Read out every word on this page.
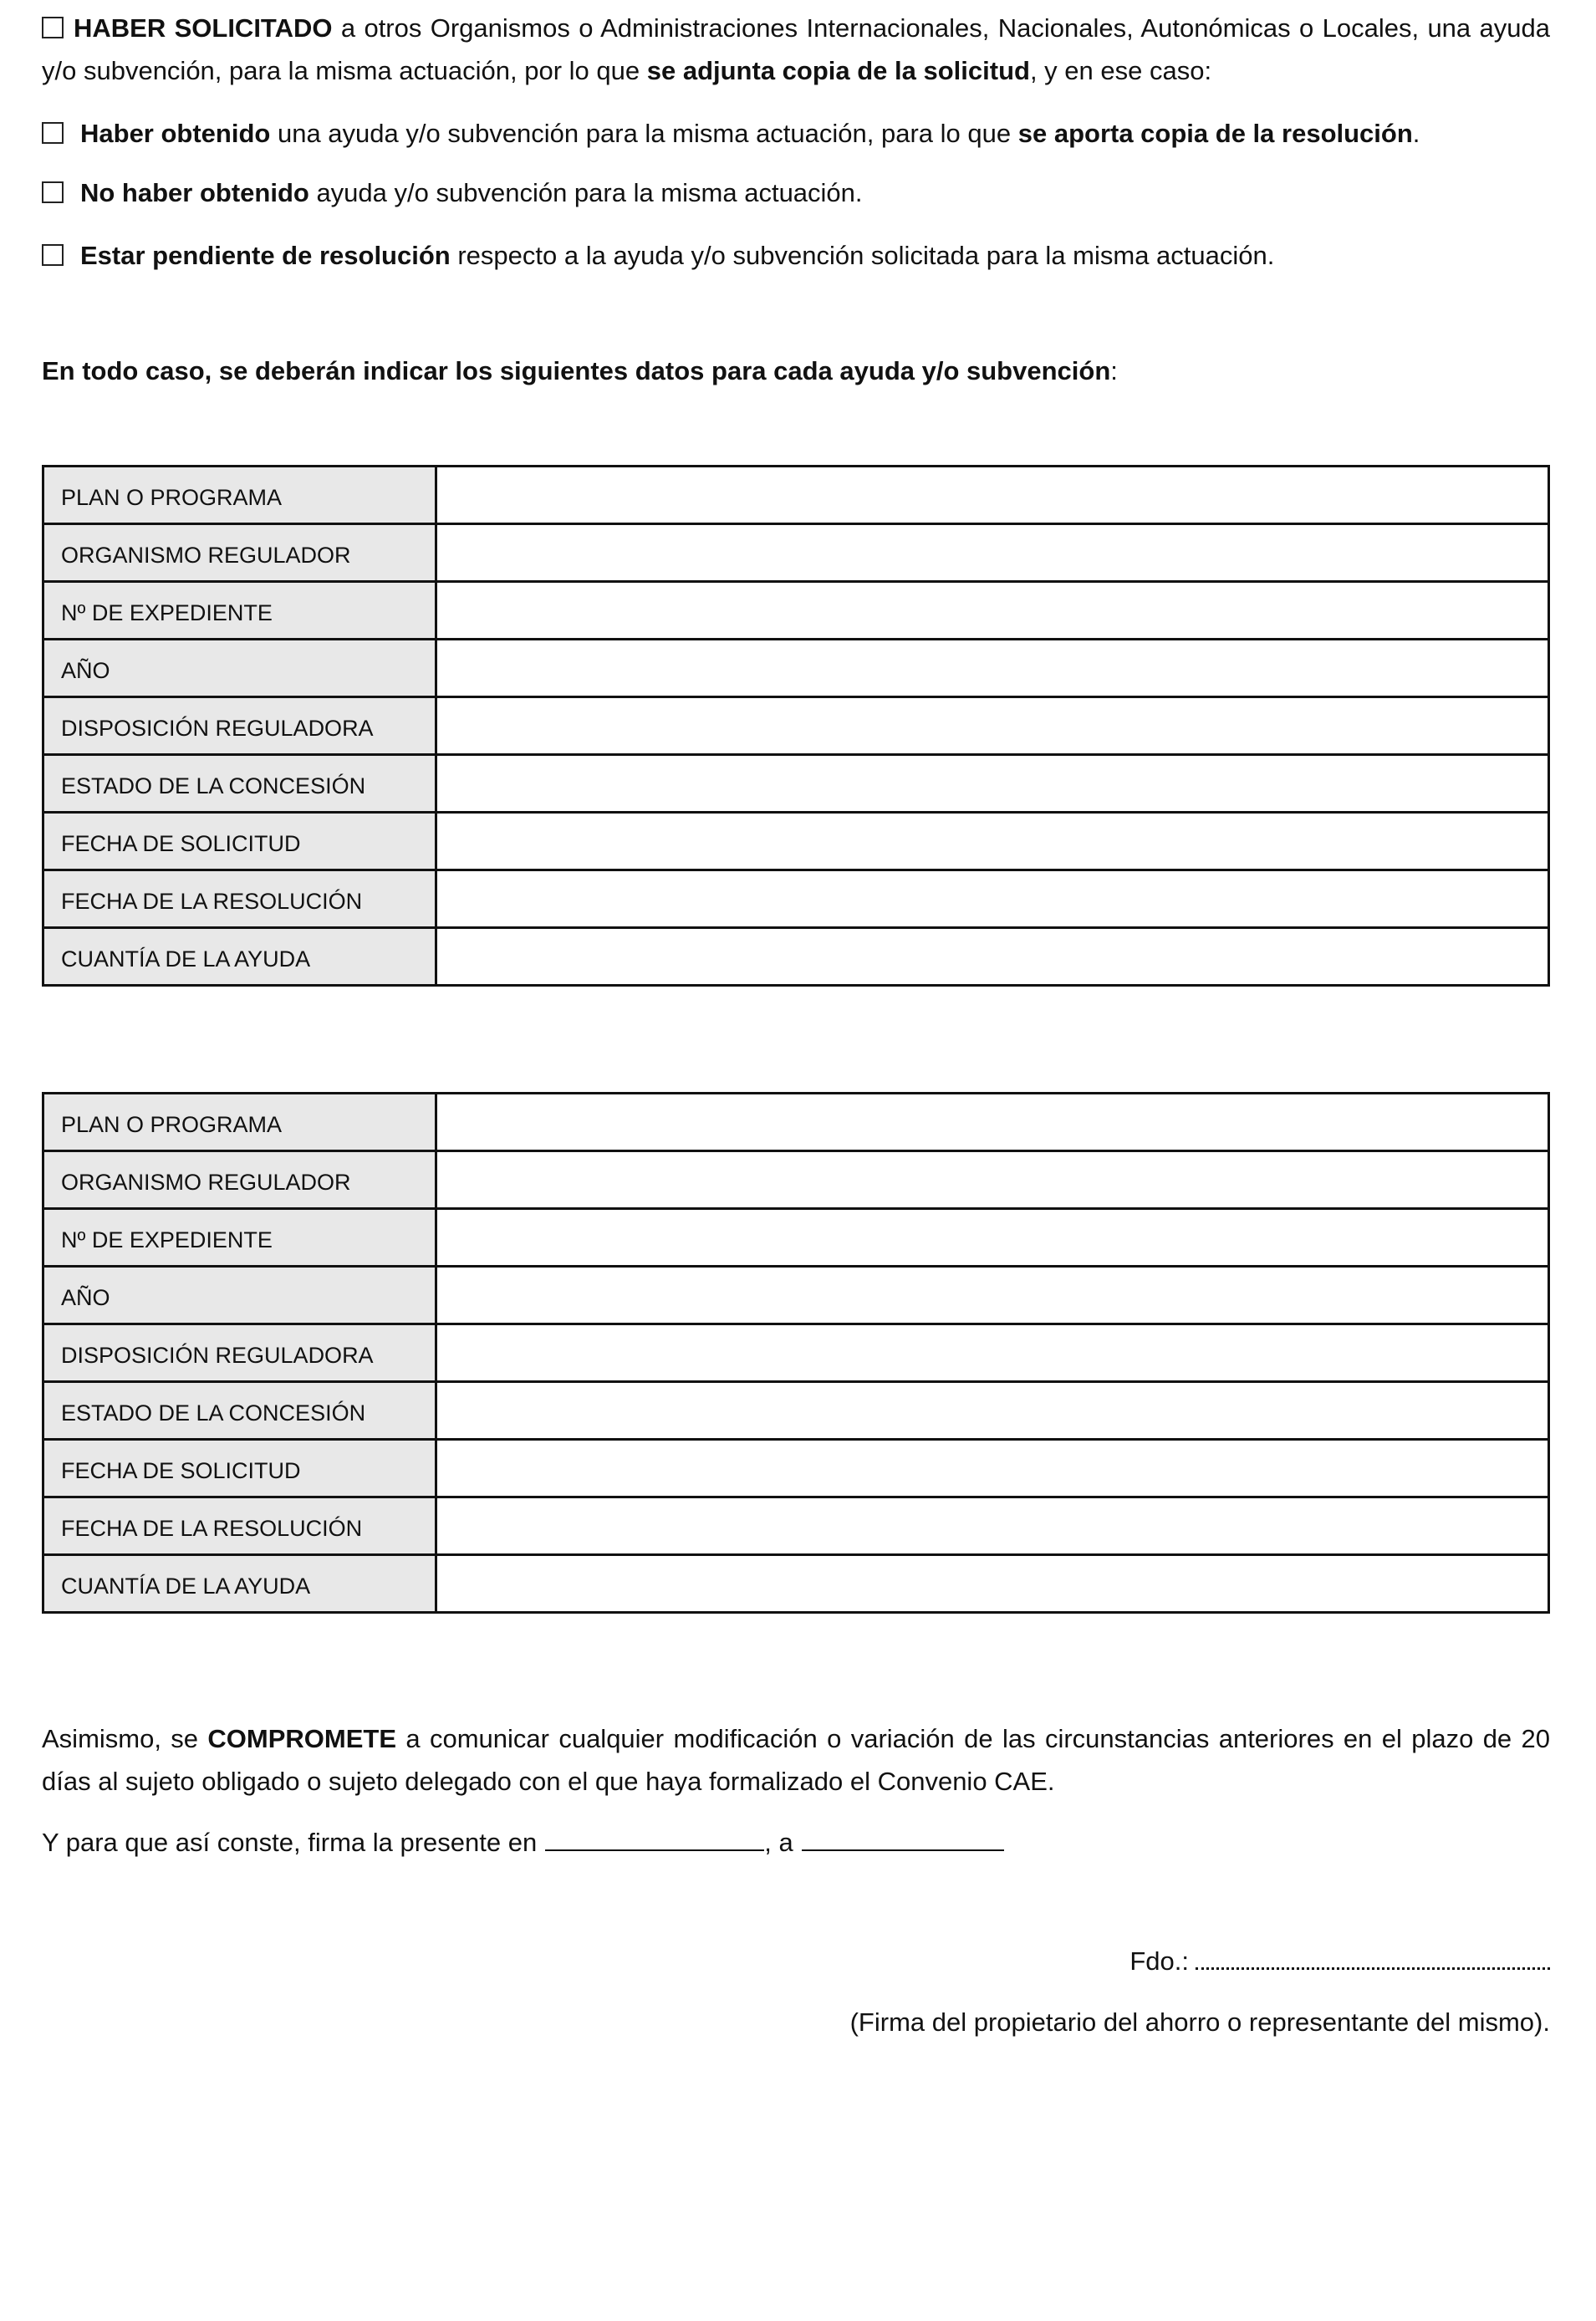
HABER SOLICITADO a otros Organismos o Administraciones Internacionales, Nacionales, Autonómicas o Locales, una ayuda y/o subvención, para la misma actuación, por lo que se adjunta copia de la solicitud, y en ese caso:

Haber obtenido una ayuda y/o subvención para la misma actuación, para lo que se aporta copia de la resolución.
No haber obtenido ayuda y/o subvención para la misma actuación.
Estar pendiente de resolución respecto a la ayuda y/o subvención solicitada para la misma actuación.
En todo caso, se deberán indicar los siguientes datos para cada ayuda y/o subvención:
PLAN O PROGRAMA	
ORGANISMO REGULADOR	
Nº DE EXPEDIENTE	
AÑO	
DISPOSICIÓN REGULADORA	
ESTADO DE LA CONCESIÓN	
FECHA DE SOLICITUD	
FECHA DE LA RESOLUCIÓN	
CUANTÍA DE LA AYUDA	
PLAN O PROGRAMA	
ORGANISMO REGULADOR	
Nº DE EXPEDIENTE	
AÑO	
DISPOSICIÓN REGULADORA	
ESTADO DE LA CONCESIÓN	
FECHA DE SOLICITUD	
FECHA DE LA RESOLUCIÓN	
CUANTÍA DE LA AYUDA	

Asimismo, se COMPROMETE a comunicar cualquier modificación o variación de las circunstancias anteriores en el plazo de 20 días al sujeto obligado o sujeto delegado con el que haya formalizado el Convenio CAE.

Y para que así conste, firma la presente en	, a
Fdo.:
(Firma del propietario del ahorro o representante del mismo).
